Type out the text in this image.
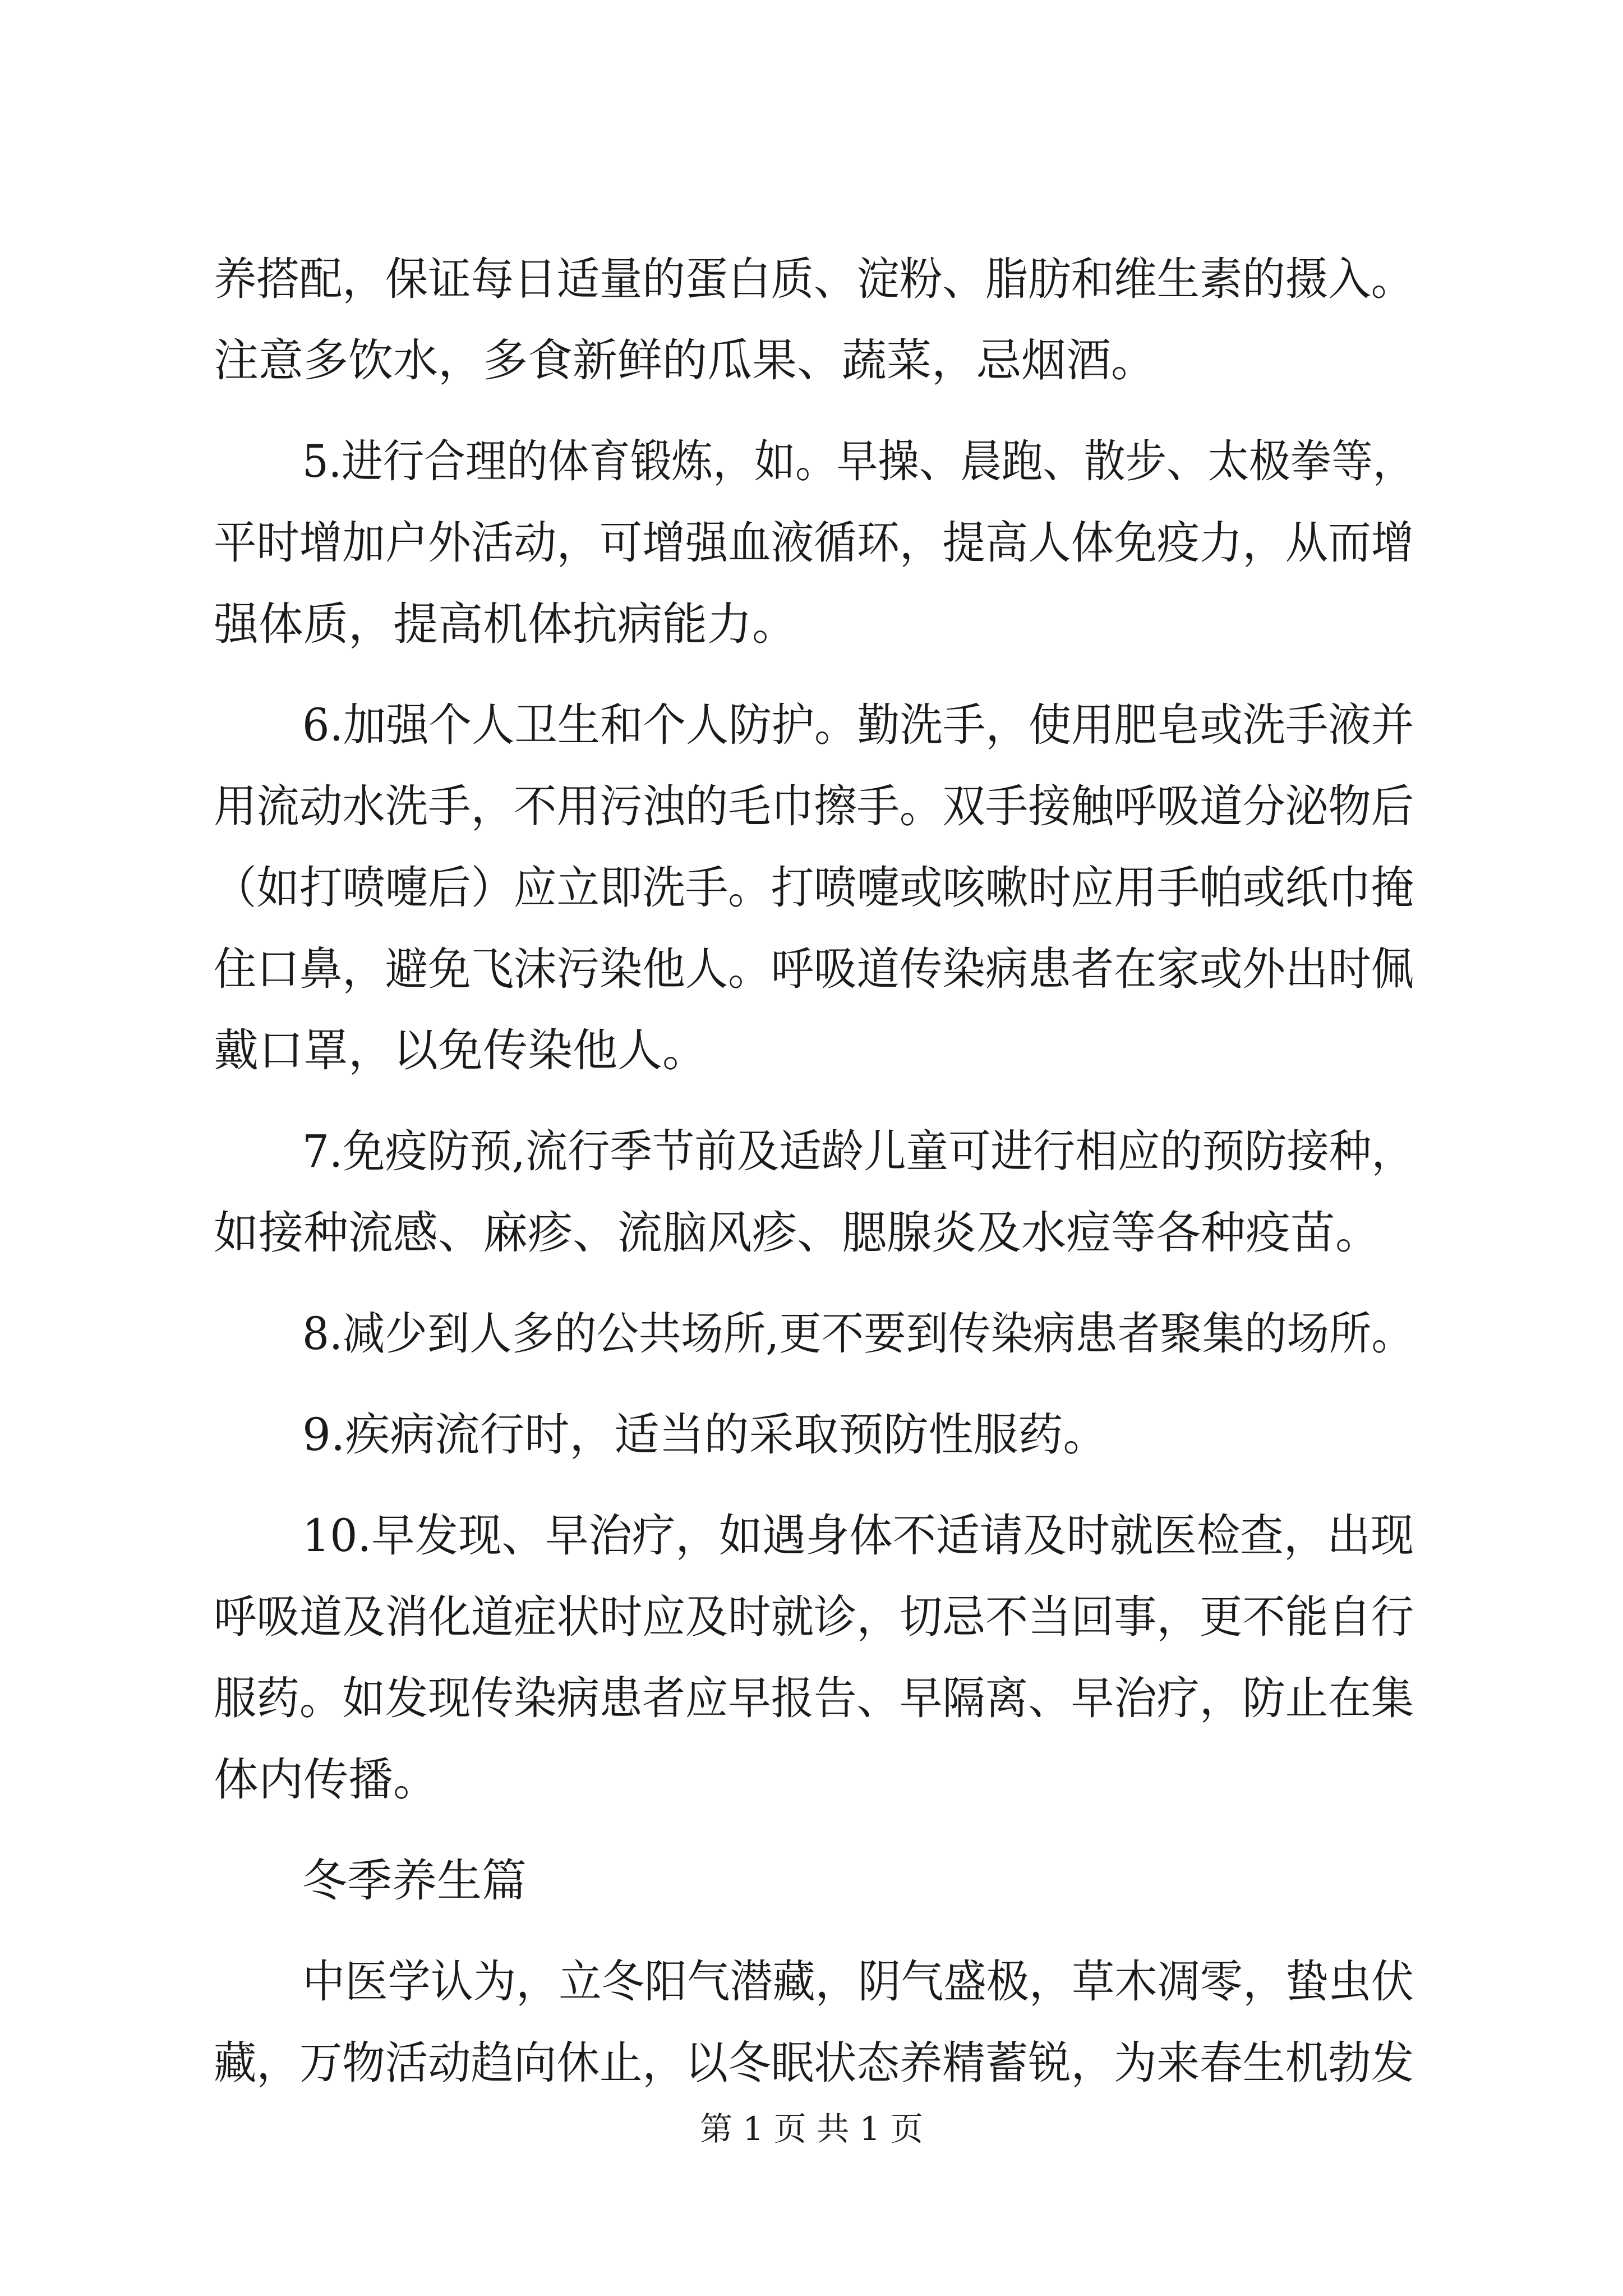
养搭配，保证每日适量的蛋白质、淀粉、脂肪和维生素的摄入。
注意多饮水，多食新鲜的瓜果、蔬菜，忌烟酒。
5.进行合理的体育锻炼，如。早操、晨跑、散步、太极拳等，
平时增加户外活动，可增强血液循环，提高人体免疫力，从而增
强体质，提高机体抗病能力。
6.加强个人卫生和个人防护。勤洗手，使用肥皂或洗手液并
用流动水洗手，不用污浊的毛巾擦手。双手接触呼吸道分泌物后
（如打喷嚏后）应立即洗手。打喷嚏或咳嗽时应用手帕或纸巾掩
住口鼻，避免飞沫污染他人。呼吸道传染病患者在家或外出时佩
戴口罩，以免传染他人。
7.免疫防预,流行季节前及适龄儿童可进行相应的预防接种，
如接种流感、麻疹、流脑风疹、腮腺炎及水痘等各种疫苗。
8.减少到人多的公共场所,更不要到传染病患者聚集的场所。
9.疾病流行时，适当的采取预防性服药。
10.早发现、早治疗，如遇身体不适请及时就医检查，出现
呼吸道及消化道症状时应及时就诊，切忌不当回事，更不能自行
服药。如发现传染病患者应早报告、早隔离、早治疗，防止在集
体内传播。
冬季养生篇
中医学认为，立冬阳气潜藏，阴气盛极，草木凋零，蛰虫伏
藏，万物活动趋向休止，以冬眠状态养精蓄锐，为来春生机勃发
第 1 页 共 1 页
